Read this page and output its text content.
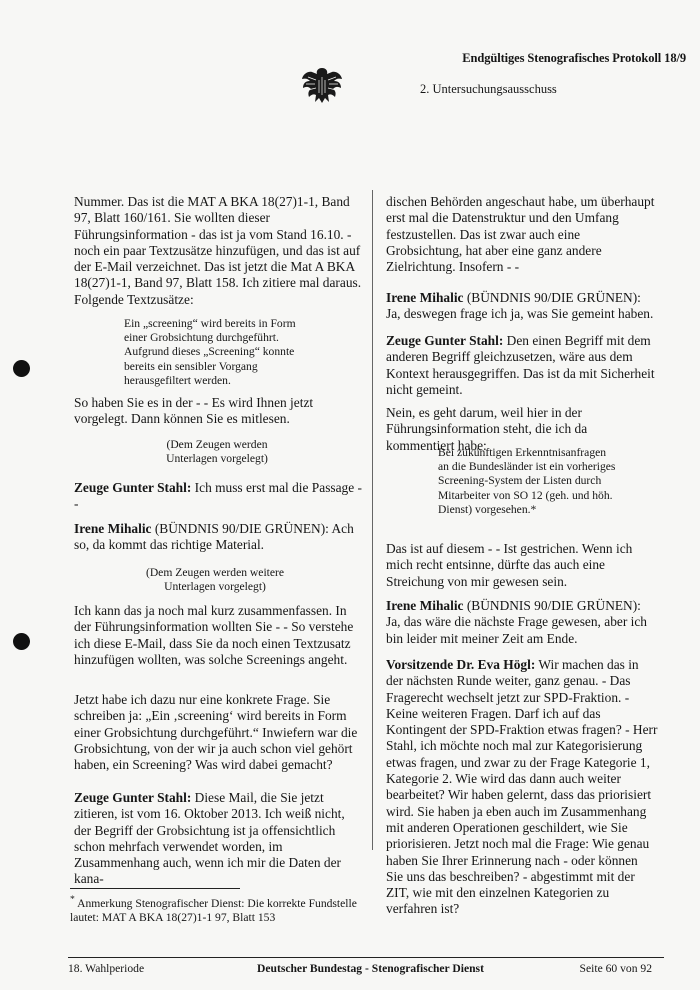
Endgültiges Stenografisches Protokoll 18/9
2. Untersuchungsausschuss

Nummer. Das ist die MAT A BKA 18(27)1-1, Band 97, Blatt 160/161. Sie wollten dieser Führungsinformation - das ist ja vom Stand 16.10. - noch ein paar Textzusätze hinzufügen, und das ist auf der E-Mail verzeichnet. Das ist jetzt die Mat A BKA 18(27)1-1, Band 97, Blatt 158. Ich zitiere mal daraus. Folgende Textzusätze:

Ein „screening“ wird bereits in Form einer Grobsichtung durchgeführt. Aufgrund dieses „Screening“ konnte bereits ein sensibler Vorgang herausgefiltert werden.

So haben Sie es in der - - Es wird Ihnen jetzt vorgelegt. Dann können Sie es mitlesen.

(Dem Zeugen werden Unterlagen vorgelegt)

Zeuge Gunter Stahl: Ich muss erst mal die Passage - -

Irene Mihalic (BÜNDNIS 90/DIE GRÜNEN): Ach so, da kommt das richtige Material.

(Dem Zeugen werden weitere Unterlagen vorgelegt)

Ich kann das ja noch mal kurz zusammenfassen. In der Führungsinformation wollten Sie - - So verstehe ich diese E-Mail, dass Sie da noch einen Textzusatz hinzufügen wollten, was solche Screenings angeht.

Jetzt habe ich dazu nur eine konkrete Frage. Sie schreiben ja: „Ein ‚screening‘ wird bereits in Form einer Grobsichtung durchgeführt.“ Inwiefern war die Grobsichtung, von der wir ja auch schon viel gehört haben, ein Screening? Was wird dabei gemacht?

Zeuge Gunter Stahl: Diese Mail, die Sie jetzt zitieren, ist vom 16. Oktober 2013. Ich weiß nicht, der Begriff der Grobsichtung ist ja offensichtlich schon mehrfach verwendet worden, im Zusammenhang auch, wenn ich mir die Daten der kana-

dischen Behörden angeschaut habe, um überhaupt erst mal die Datenstruktur und den Umfang festzustellen. Das ist zwar auch eine Grobsichtung, hat aber eine ganz andere Zielrichtung. Insofern - -

Irene Mihalic (BÜNDNIS 90/DIE GRÜNEN): Ja, deswegen frage ich ja, was Sie gemeint haben.

Zeuge Gunter Stahl: Den einen Begriff mit dem anderen Begriff gleichzusetzen, wäre aus dem Kontext herausgegriffen. Das ist da mit Sicherheit nicht gemeint.

Nein, es geht darum, weil hier in der Führungsinformation steht, die ich da kommentiert habe:

Bei zukünftigen Erkenntnisanfragen an die Bundesländer ist ein vorheriges Screening-System der Listen durch Mitarbeiter von SO 12 (geh. und höh. Dienst) vorgesehen.*

Das ist auf diesem - - Ist gestrichen. Wenn ich mich recht entsinne, dürfte das auch eine Streichung von mir gewesen sein.

Irene Mihalic (BÜNDNIS 90/DIE GRÜNEN): Ja, das wäre die nächste Frage gewesen, aber ich bin leider mit meiner Zeit am Ende.

Vorsitzende Dr. Eva Högl: Wir machen das in der nächsten Runde weiter, ganz genau. - Das Fragerecht wechselt jetzt zur SPD-Fraktion. - Keine weiteren Fragen. Darf ich auf das Kontingent der SPD-Fraktion etwas fragen? - Herr Stahl, ich möchte noch mal zur Kategorisierung etwas fragen, und zwar zu der Frage Kategorie 1, Kategorie 2. Wie wird das dann auch weiter bearbeitet? Wir haben gelernt, dass das priorisiert wird. Sie haben ja eben auch im Zusammenhang mit anderen Operationen geschildert, wie Sie priorisieren. Jetzt noch mal die Frage: Wie genau haben Sie Ihrer Erinnerung nach - oder können Sie uns das beschreiben? - abgestimmt mit der ZIT, wie mit den einzelnen Kategorien zu verfahren ist?

* Anmerkung Stenografischer Dienst: Die korrekte Fundstelle lautet: MAT A BKA 18(27)1-1 97, Blatt 153
18. Wahlperiode	Deutscher Bundestag - Stenografischer Dienst	Seite 60 von 92
